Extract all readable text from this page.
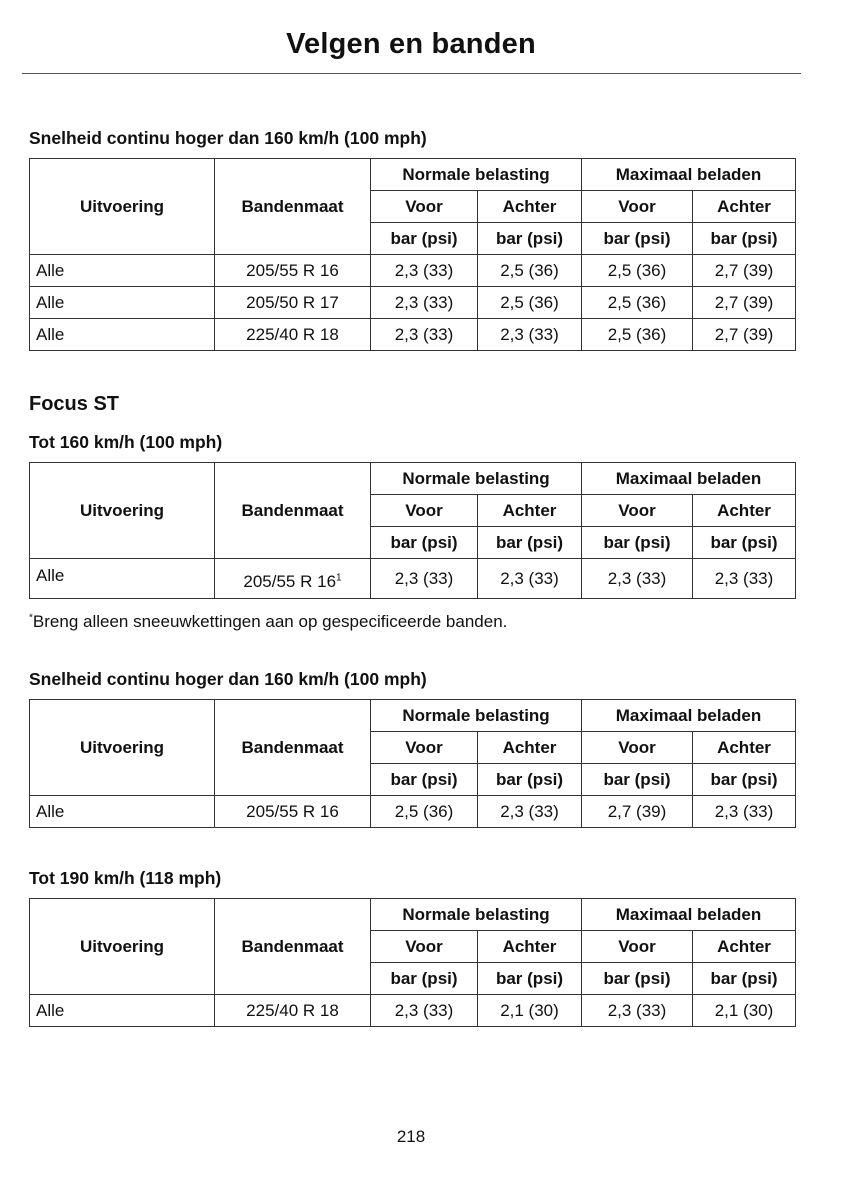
Velgen en banden
Snelheid continu hoger dan 160 km/h (100 mph)
Uitvoering	Bandenmaat	Normale belasting		Maximaal beladen	
		Voor	Achter	Voor	Achter
		bar (psi)	bar (psi)	bar (psi)	bar (psi)
Alle	205/55 R 16	2,3 (33)	2,5 (36)	2,5 (36)	2,7 (39)
Alle	205/50 R 17	2,3 (33)	2,5 (36)	2,5 (36)	2,7 (39)
Alle	225/40 R 18	2,3 (33)	2,3 (33)	2,5 (36)	2,7 (39)
Focus ST
Tot 160 km/h (100 mph)
Uitvoering	Bandenmaat	Normale belasting		Maximaal beladen	
		Voor	Achter	Voor	Achter
		bar (psi)	bar (psi)	bar (psi)	bar (psi)
Alle	205/55 R 16$^1$	2,3 (33)	2,3 (33)	2,3 (33)	2,3 (33)
*Breng alleen sneeuwkettingen aan op gespecificeerde banden.
Snelheid continu hoger dan 160 km/h (100 mph)
Uitvoering	Bandenmaat	Normale belasting		Maximaal beladen	
		Voor	Achter	Voor	Achter
		bar (psi)	bar (psi)	bar (psi)	bar (psi)
Alle	205/55 R 16	2,5 (36)	2,3 (33)	2,7 (39)	2,3 (33)
Tot 190 km/h (118 mph)
Uitvoering	Bandenmaat	Normale belasting		Maximaal beladen	
		Voor	Achter	Voor	Achter
		bar (psi)	bar (psi)	bar (psi)	bar (psi)
Alle	225/40 R 18	2,3 (33)	2,1 (30)	2,3 (33)	2,1 (30)
218
